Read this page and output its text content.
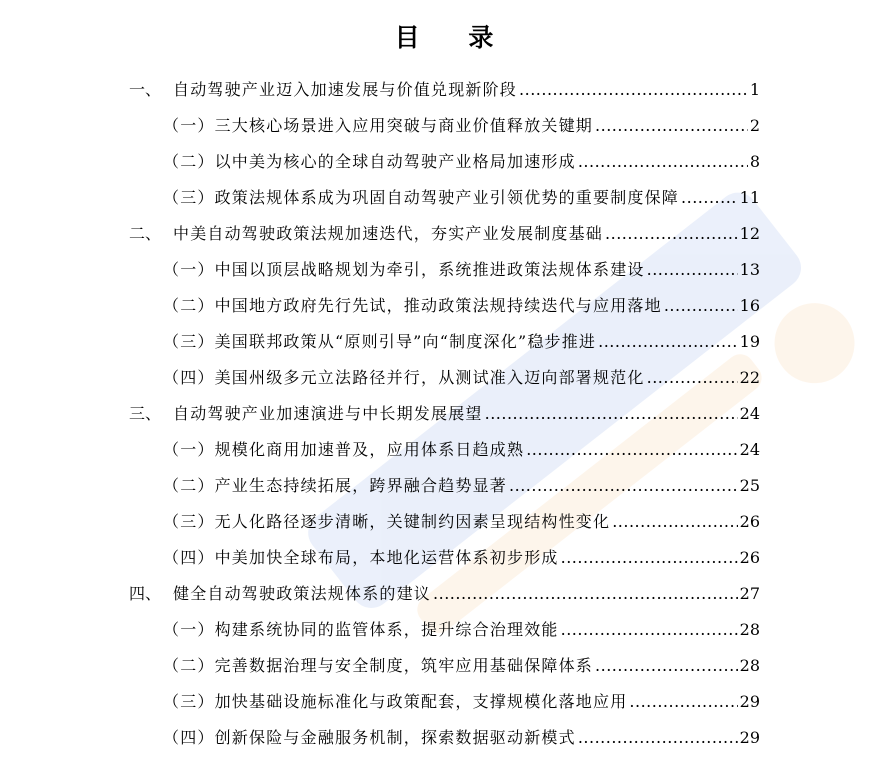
目 录
一、 自动驾驶产业迈入加速发展与价值兑现新阶段 .....	1
（一）三大核心场景进入应用突破与商业价值释放关键期 .....	2
（二）以中美为核心的全球自动驾驶产业格局加速形成 .....	8
（三）政策法规体系成为巩固自动驾驶产业引领优势的重要制度保障 .....	11
二、 中美自动驾驶政策法规加速迭代，夯实产业发展制度基础 .....	12
（一）中国以顶层战略规划为牵引，系统推进政策法规体系建设 .....	13
（二）中国地方政府先行先试，推动政策法规持续迭代与应用落地 .....	16
（三）美国联邦政策从“原则引导”向“制度深化”稳步推进 .....	19
（四）美国州级多元立法路径并行，从测试准入迈向部署规范化 .....	22
三、 自动驾驶产业加速演进与中长期发展展望 .....	24
（一）规模化商用加速普及，应用体系日趋成熟 .....	24
（二）产业生态持续拓展，跨界融合趋势显著 .....	25
（三）无人化路径逐步清晰，关键制约因素呈现结构性变化 .....	26
（四）中美加快全球布局，本地化运营体系初步形成 .....	26
四、 健全自动驾驶政策法规体系的建议 .....	27
（一）构建系统协同的监管体系，提升综合治理效能 .....	28
（二）完善数据治理与安全制度，筑牢应用基础保障体系 .....	28
（三）加快基础设施标准化与政策配套，支撑规模化落地应用 .....	29
（四）创新保险与金融服务机制，探索数据驱动新模式 .....	29
